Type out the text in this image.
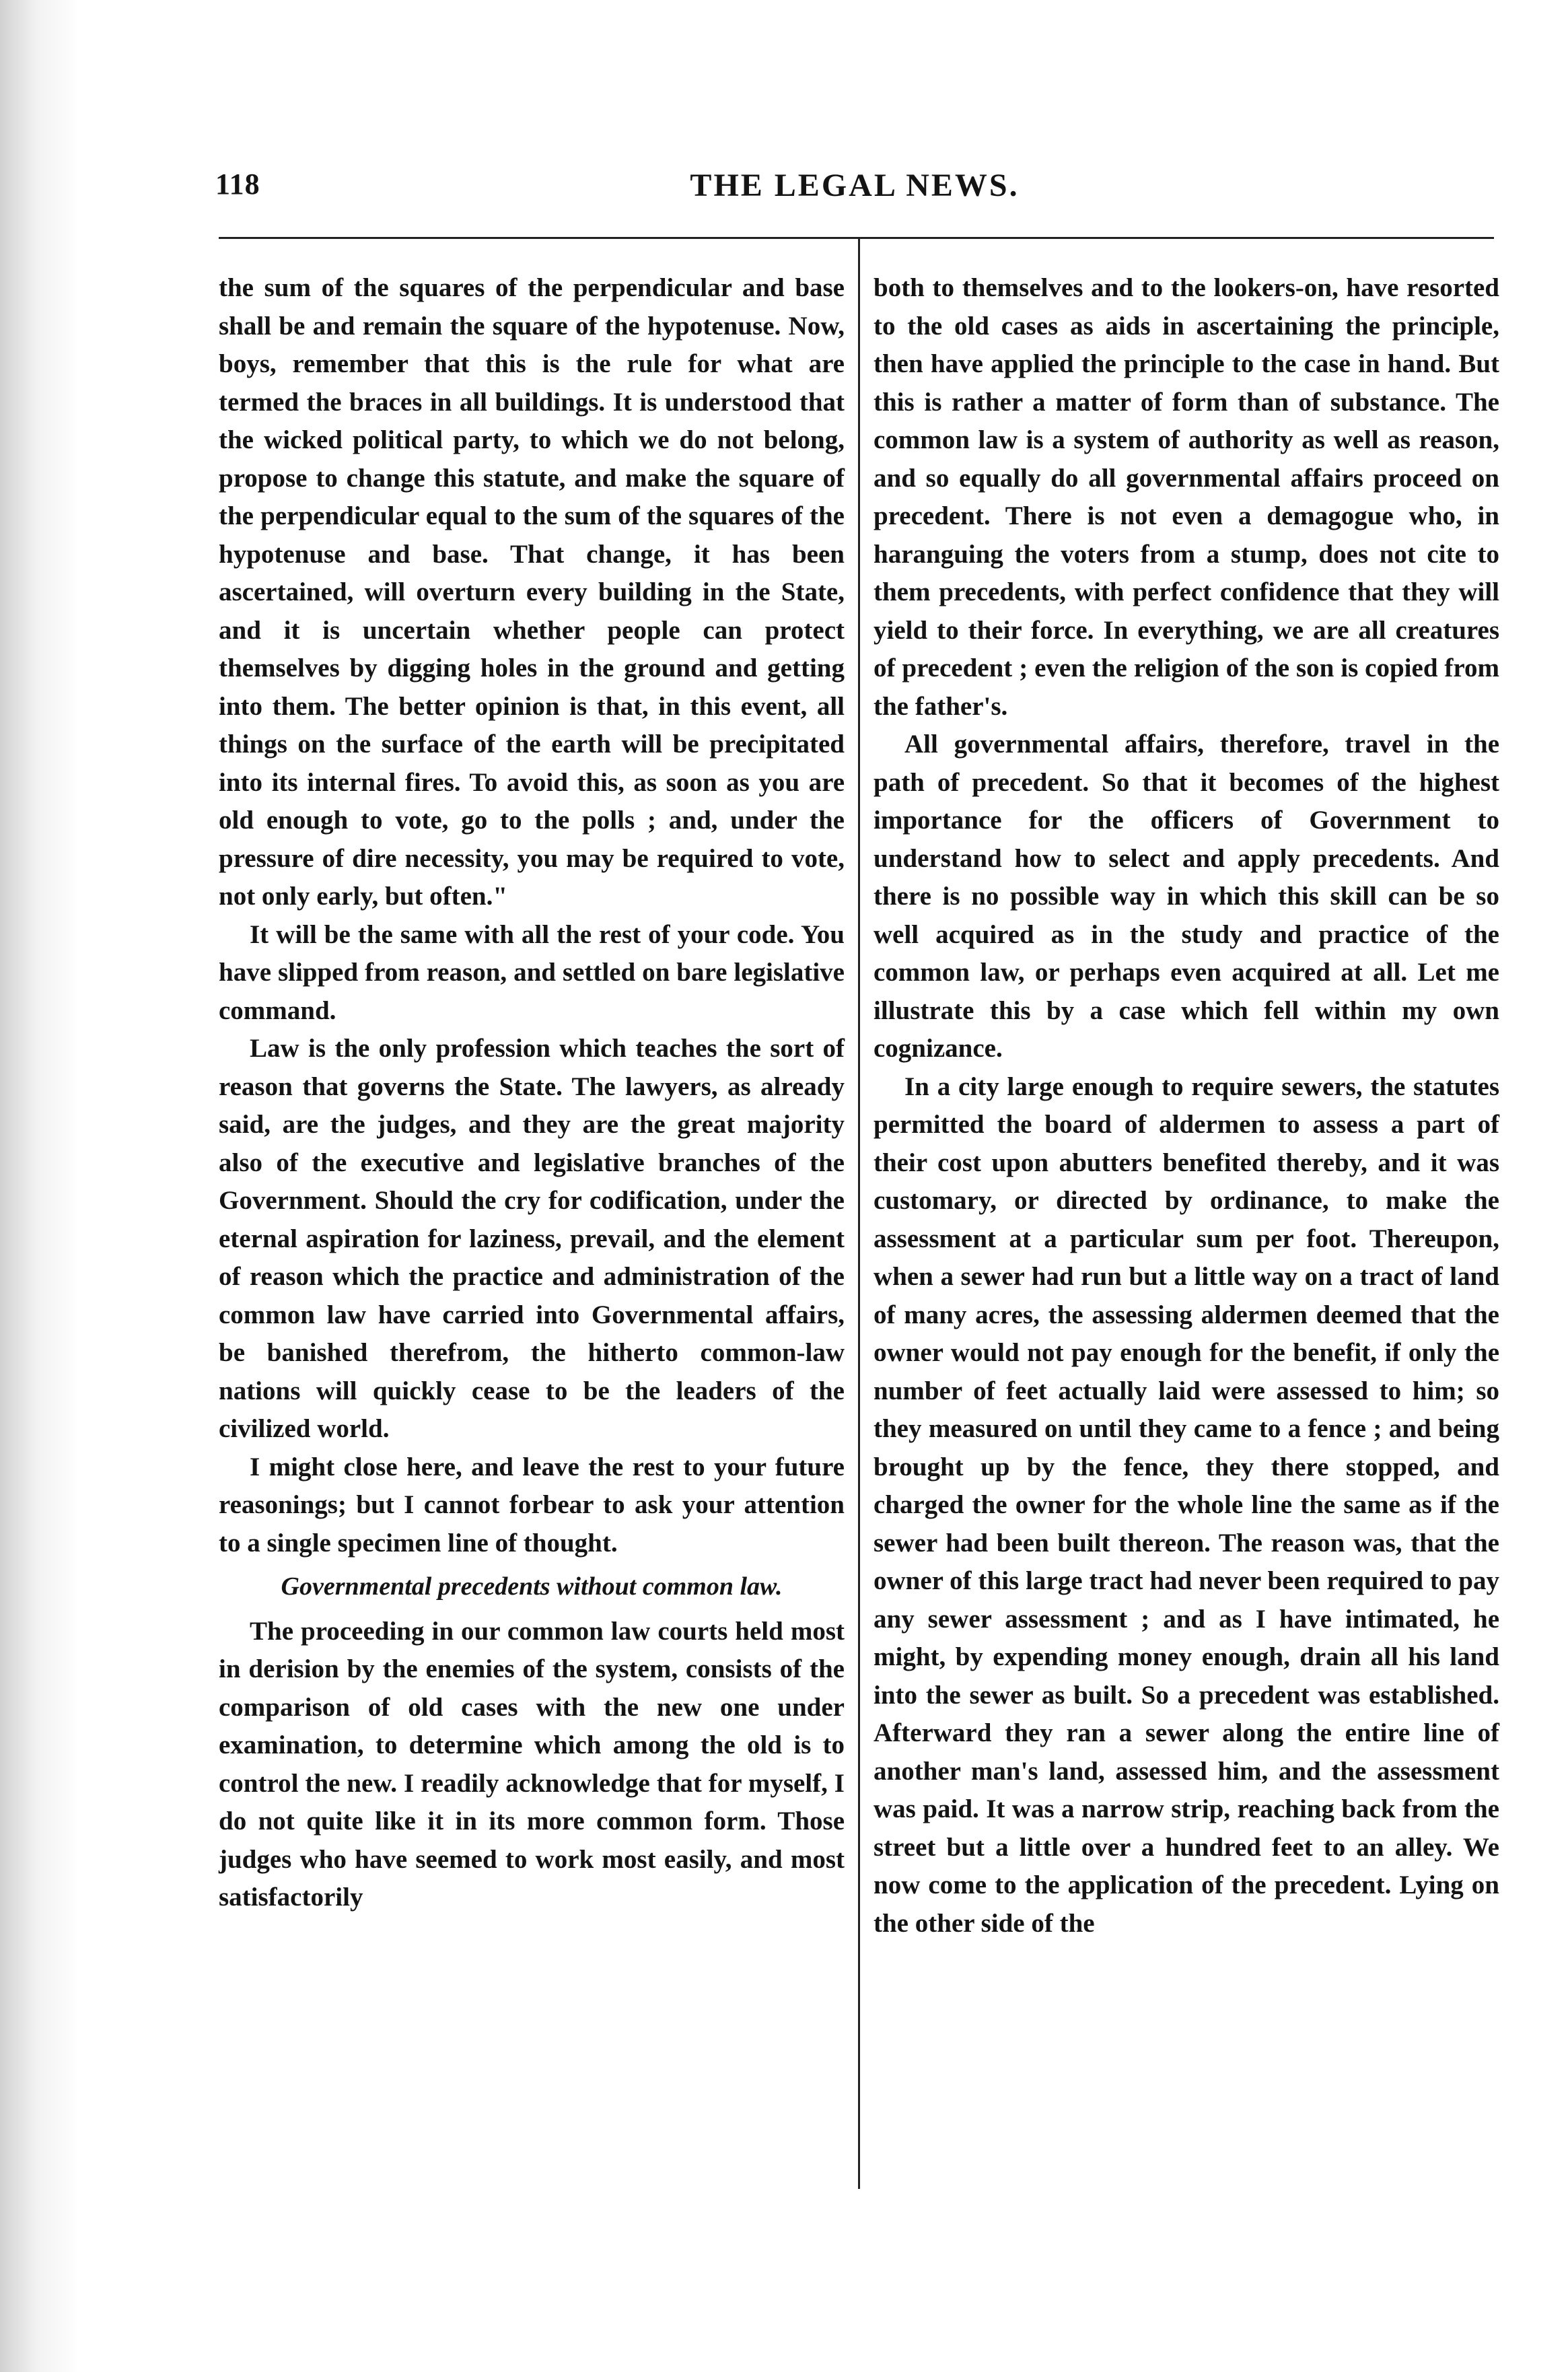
118	THE LEGAL NEWS.

the sum of the squares of the perpendicular and base shall be and remain the square of the hypotenuse. Now, boys, remember that this is the rule for what are termed the braces in all buildings. It is understood that the wicked political party, to which we do not belong, propose to change this statute, and make the square of the perpendicular equal to the sum of the squares of the hypotenuse and base. That change, it has been ascertained, will overturn every building in the State, and it is uncertain whether people can protect themselves by digging holes in the ground and getting into them. The better opinion is that, in this event, all things on the surface of the earth will be precipitated into its internal fires. To avoid this, as soon as you are old enough to vote, go to the polls ; and, under the pressure of dire necessity, you may be required to vote, not only early, but often."

It will be the same with all the rest of your code. You have slipped from reason, and settled on bare legislative command.

Law is the only profession which teaches the sort of reason that governs the State. The lawyers, as already said, are the judges, and they are the great majority also of the executive and legislative branches of the Government. Should the cry for codification, under the eternal aspiration for laziness, prevail, and the element of reason which the practice and administration of the common law have carried into Governmental affairs, be banished therefrom, the hitherto common-law nations will quickly cease to be the leaders of the civilized world.

I might close here, and leave the rest to your future reasonings; but I cannot forbear to ask your attention to a single specimen line of thought.

Governmental precedents without common law.

The proceeding in our common law courts held most in derision by the enemies of the system, consists of the comparison of old cases with the new one under examination, to determine which among the old is to control the new. I readily acknowledge that for myself, I do not quite like it in its more common form. Those judges who have seemed to work most easily, and most satisfactorily

both to themselves and to the lookers-on, have resorted to the old cases as aids in ascertaining the principle, then have applied the principle to the case in hand. But this is rather a matter of form than of substance. The common law is a system of authority as well as reason, and so equally do all governmental affairs proceed on precedent. There is not even a demagogue who, in haranguing the voters from a stump, does not cite to them precedents, with perfect confidence that they will yield to their force. In everything, we are all creatures of precedent ; even the religion of the son is copied from the father's.

All governmental affairs, therefore, travel in the path of precedent. So that it becomes of the highest importance for the officers of Government to understand how to select and apply precedents. And there is no possible way in which this skill can be so well acquired as in the study and practice of the common law, or perhaps even acquired at all. Let me illustrate this by a case which fell within my own cognizance.

In a city large enough to require sewers, the statutes permitted the board of aldermen to assess a part of their cost upon abutters benefited thereby, and it was customary, or directed by ordinance, to make the assessment at a particular sum per foot. Thereupon, when a sewer had run but a little way on a tract of land of many acres, the assessing aldermen deemed that the owner would not pay enough for the benefit, if only the number of feet actually laid were assessed to him; so they measured on until they came to a fence ; and being brought up by the fence, they there stopped, and charged the owner for the whole line the same as if the sewer had been built thereon. The reason was, that the owner of this large tract had never been required to pay any sewer assessment ; and as I have intimated, he might, by expending money enough, drain all his land into the sewer as built. So a precedent was established. Afterward they ran a sewer along the entire line of another man's land, assessed him, and the assessment was paid. It was a narrow strip, reaching back from the street but a little over a hundred feet to an alley. We now come to the application of the precedent. Lying on the other side of the
